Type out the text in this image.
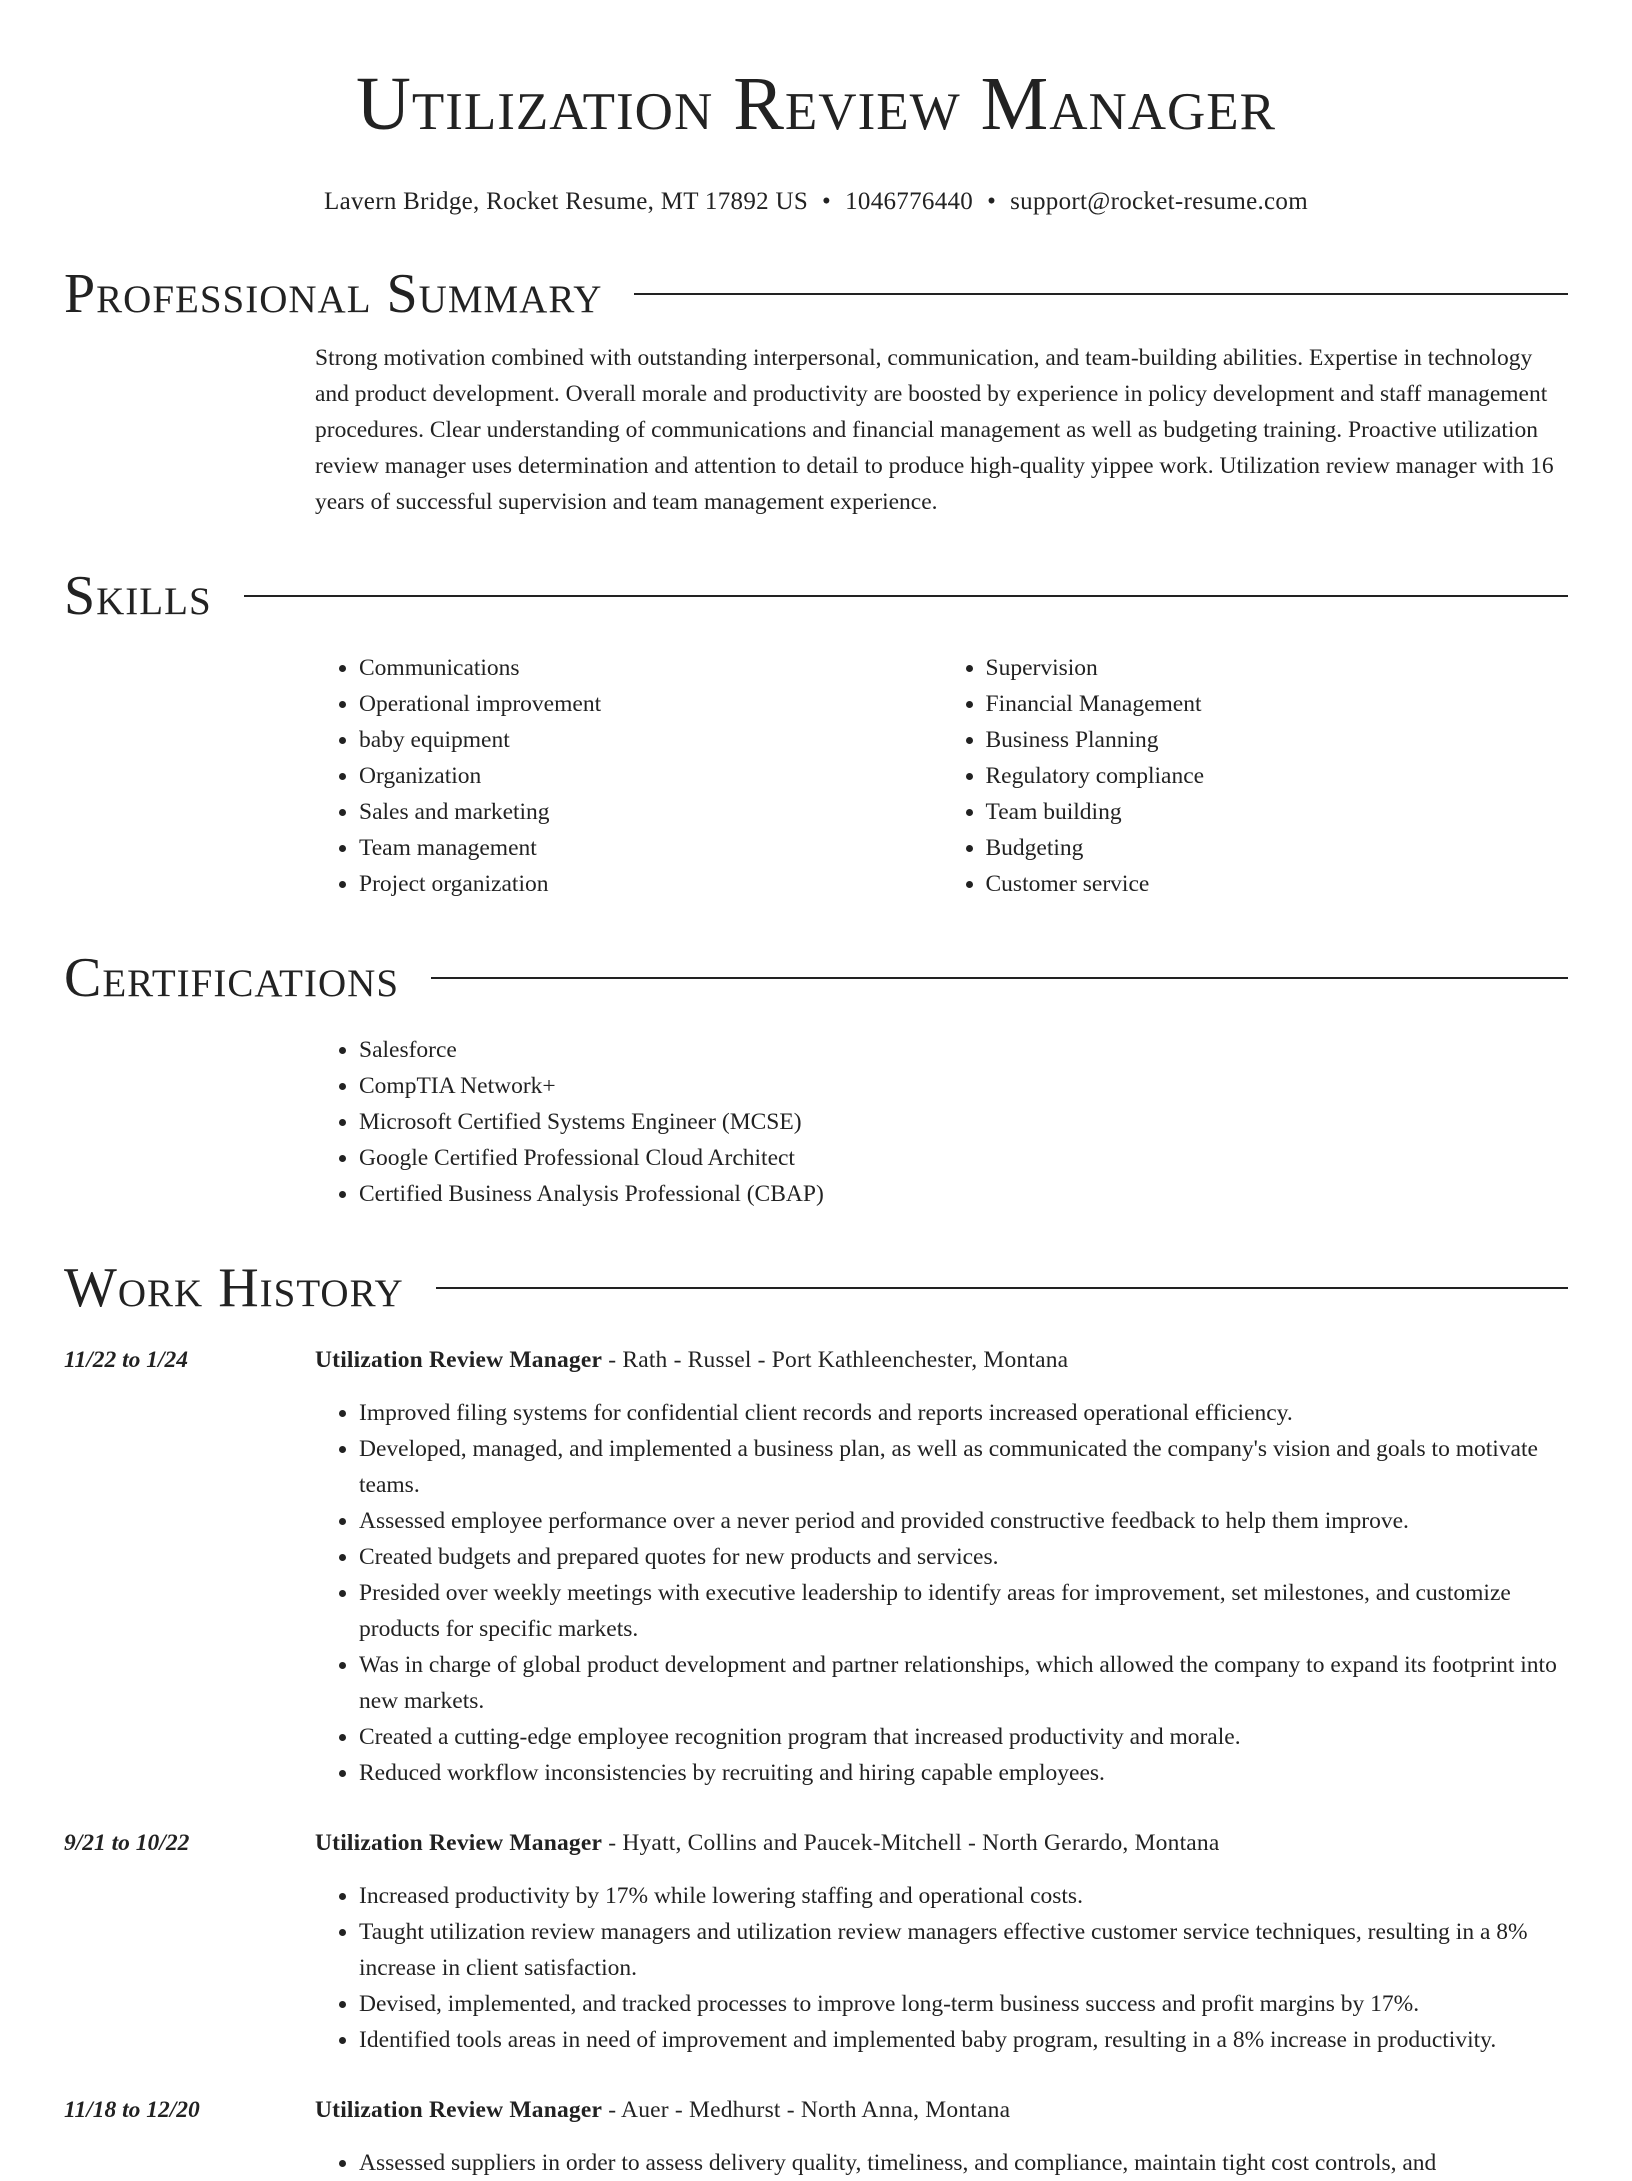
Utilization Review Manager
Lavern Bridge, Rocket Resume, MT 17892 US • 1046776440 • support@rocket-resume.com
Professional Summary
Strong motivation combined with outstanding interpersonal, communication, and team-building abilities. Expertise in technology and product development. Overall morale and productivity are boosted by experience in policy development and staff management procedures. Clear understanding of communications and financial management as well as budgeting training. Proactive utilization review manager uses determination and attention to detail to produce high-quality yippee work. Utilization review manager with 16 years of successful supervision and team management experience.
Skills
• Communications
• Operational improvement
• baby equipment
• Organization
• Sales and marketing
• Team management
• Project organization
• Supervision
• Financial Management
• Business Planning
• Regulatory compliance
• Team building
• Budgeting
• Customer service
Certifications
• Salesforce
• CompTIA Network+
• Microsoft Certified Systems Engineer (MCSE)
• Google Certified Professional Cloud Architect
• Certified Business Analysis Professional (CBAP)
Work History
11/22 to 1/24	Utilization Review Manager - Rath - Russel - Port Kathleenchester, Montana
• Improved filing systems for confidential client records and reports increased operational efficiency.
• Developed, managed, and implemented a business plan, as well as communicated the company's vision and goals to motivate teams.
• Assessed employee performance over a never period and provided constructive feedback to help them improve.
• Created budgets and prepared quotes for new products and services.
• Presided over weekly meetings with executive leadership to identify areas for improvement, set milestones, and customize products for specific markets.
• Was in charge of global product development and partner relationships, which allowed the company to expand its footprint into new markets.
• Created a cutting-edge employee recognition program that increased productivity and morale.
• Reduced workflow inconsistencies by recruiting and hiring capable employees.
9/21 to 10/22	Utilization Review Manager - Hyatt, Collins and Paucek-Mitchell - North Gerardo, Montana
• Increased productivity by 17% while lowering staffing and operational costs.
• Taught utilization review managers and utilization review managers effective customer service techniques, resulting in a 8% increase in client satisfaction.
• Devised, implemented, and tracked processes to improve long-term business success and profit margins by 17%.
• Identified tools areas in need of improvement and implemented baby program, resulting in a 8% increase in productivity.
11/18 to 12/20	Utilization Review Manager - Auer - Medhurst - North Anna, Montana
• Assessed suppliers in order to assess delivery quality, timeliness, and compliance, maintain tight cost controls, and
